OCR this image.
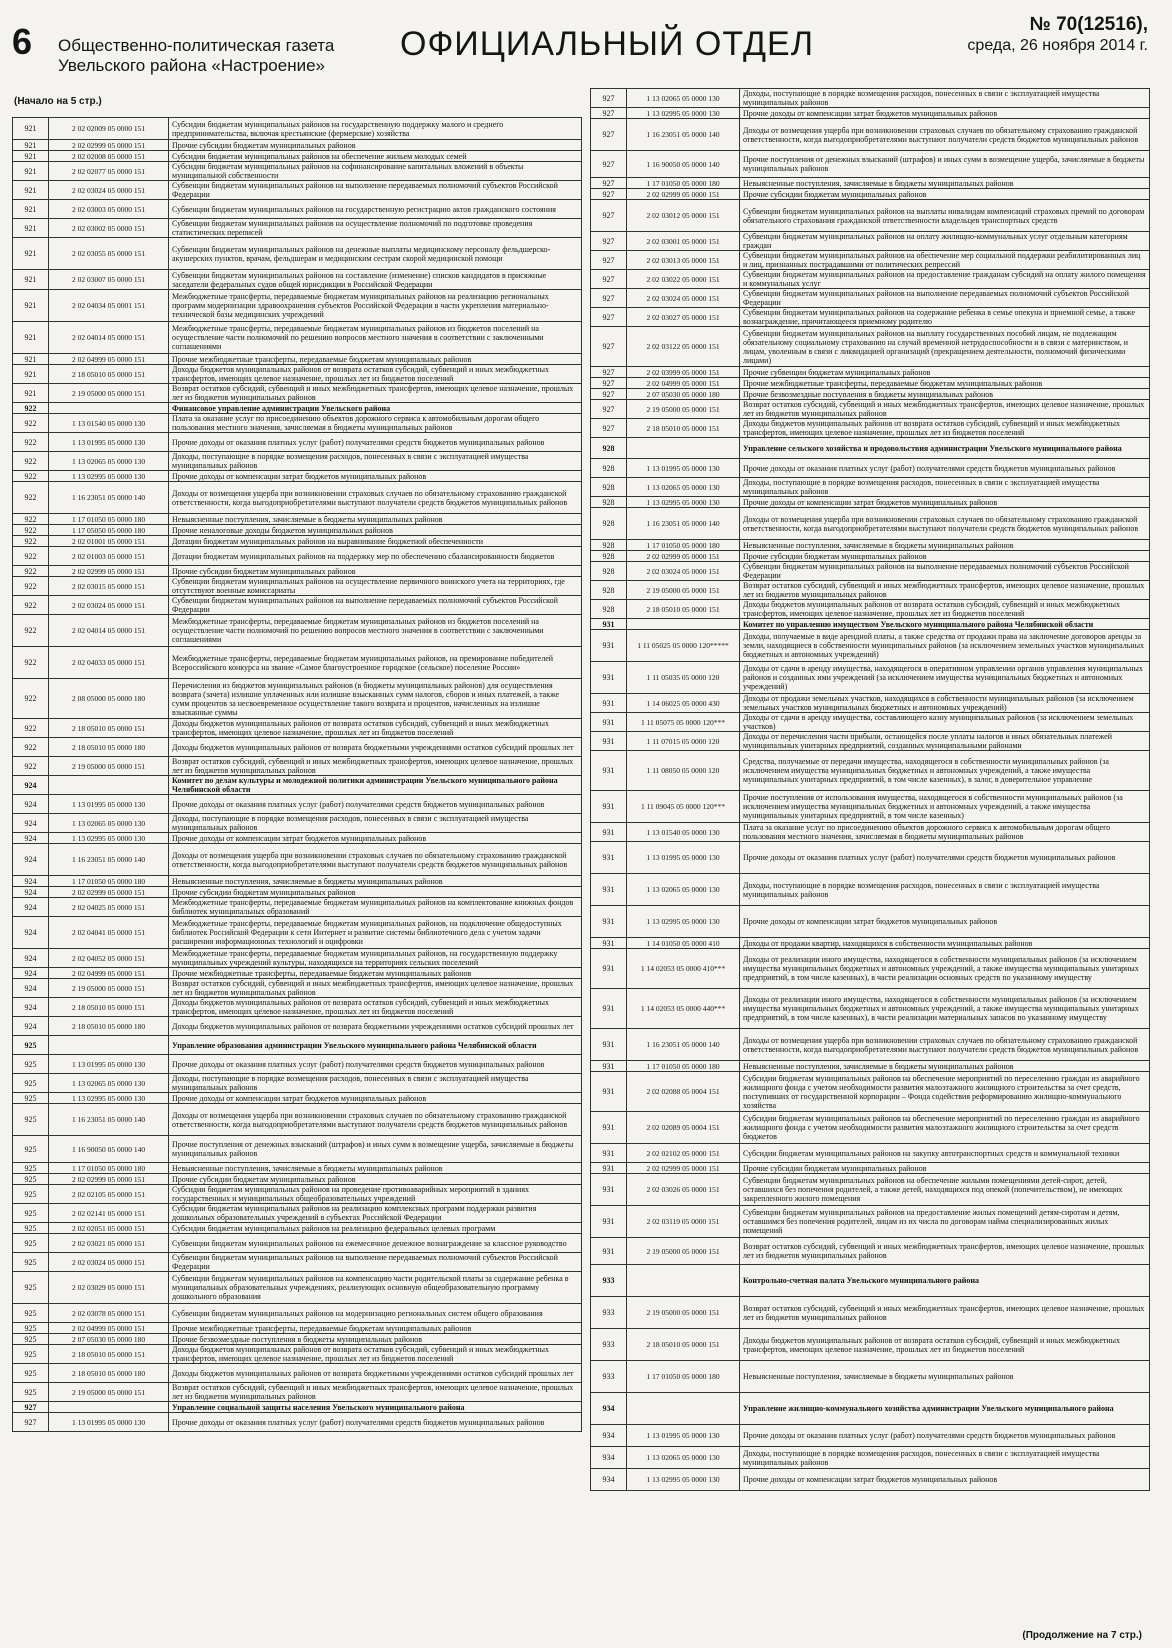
6 Общественно-политическая газета
Увельского района «Настроение»
ОФИЦИАЛЬНЫЙ ОТДЕЛ
№ 70(12516),
среда, 26 ноября 2014 г.
(Начало на 5 стр.)
921	2 02 02009 05 0000 151	Субсидии бюджетам муниципальных районов на государственную поддержку малого и среднего предпринимательства, включая крестьянские (фермерские) хозяйства
921	2 02 02999 05 0000 151	Прочие субсидии бюджетам муниципальных районов
921	2 02 02008 05 0000 151	Субсидии бюджетам муниципальных районов на обеспечение жильем молодых семей
921	2 02 02077 05 0000 151	Субсидии бюджетам муниципальных районов на софинансирование капитальных вложений в объекты муниципальной собственности
921	2 02 03024 05 0000 151	Субвенции бюджетам муниципальных районов на выполнение передаваемых полномочий субъектов Российской Федерации
921	2 02 03003 05 0000 151	Субвенции бюджетам муниципальных районов на государственную регистрацию актов гражданского состояния
921	2 02 03002 05 0000 151	Субвенции бюджетам муниципальных районов на осуществление полномочий по подготовке проведения статистических переписей
921	2 02 03055 05 0000 151	Субвенции бюджетам муниципальных районов на денежные выплаты медицинскому персоналу фельдшерско-акушерских пунктов, врачам, фельдшерам и медицинским сестрам скорой медицинской помощи
921	2 02 03007 05 0000 151	Субвенции бюджетам муниципальных районов на составление (изменение) списков кандидатов в присяжные заседатели федеральных судов общей юрисдикции в Российской Федерации
921	2 02 04034 05 0001 151	Межбюджетные трансферты, передаваемые бюджетам муниципальных районов на реализацию региональных программ модернизации здравоохранения субъектов Российской Федерации в части укрепления материально-технической базы медицинских учреждений
921	2 02 04014 05 0000 151	Межбюджетные трансферты, передаваемые бюджетам муниципальных районов из бюджетов поселений на осуществление части полномочий по решению вопросов местного значения в соответствии с заключенными соглашениями
921	2 02 04999 05 0000 151	Прочие межбюджетные трансферты, передаваемые бюджетам муниципальных районов
921	2 18 05010 05 0000 151	Доходы бюджетов муниципальных районов от возврата остатков субсидий, субвенций и иных межбюджетных трансфертов, имеющих целевое назначение, прошлых лет из бюджетов поселений
921	2 19 05000 05 0000 151	Возврат остатков субсидий, субвенций и иных межбюджетных трансфертов, имеющих целевое назначение, прошлых лет из бюджетов муниципальных районов
922		Финансовое управление администрации Увельского района
922	1 13 01540 05 0000 130	Плата за оказание услуг по присоединению объектов дорожного сервиса к автомобильным дорогам общего пользования местного значения, зачисляемая в бюджеты муниципальных районов
922	1 13 01995 05 0000 130	Прочие доходы от оказания платных услуг (работ) получателями средств бюджетов муниципальных районов
922	1 13 02065 05 0000 130	Доходы, поступающие в порядке возмещения расходов, понесенных в связи с эксплуатацией имущества муниципальных районов
922	1 13 02995 05 0000 130	Прочие доходы от компенсации затрат бюджетов муниципальных районов
922	1 16 23051 05 0000 140	Доходы от возмещения ущерба при возникновении страховых случаев по обязательному страхованию гражданской ответственности, когда выгодоприобретателями выступают получатели средств бюджетов муниципальных районов
922	1 17 01050 05 0000 180	Невыясненные поступления, зачисляемые в бюджеты муниципальных районов
922	1 17 05050 05 0000 180	Прочие неналоговые доходы бюджетов муниципальных районов
922	2 02 01001 05 0000 151	Дотации бюджетам муниципальных районов на выравнивание бюджетной обеспеченности
922	2 02 01003 05 0000 151	Дотации бюджетам муниципальных районов на поддержку мер по обеспечению сбалансированности бюджетов
922	2 02 02999 05 0000 151	Прочие субсидии бюджетам муниципальных районов
922	2 02 03015 05 0000 151	Субвенции бюджетам муниципальных районов на осуществление первичного воинского учета на территориях, где отсутствуют военные комиссариаты
922	2 02 03024 05 0000 151	Субвенции бюджетам муниципальных районов на выполнение передаваемых полномочий субъектов Российской Федерации
922	2 02 04014 05 0000 151	Межбюджетные трансферты, передаваемые бюджетам муниципальных районов из бюджетов поселений на осуществление части полномочий по решению вопросов местного значения в соответствии с заключенными соглашениями
922	2 02 04033 05 0000 151	Межбюджетные трансферты, передаваемые бюджетам муниципальных районов, на премирование победителей Всероссийского конкурса на звание «Самое благоустроенное городское (сельское) поселение России»
922	2 08 05000 05 0000 180	Перечисления из бюджетов муниципальных районов (в бюджеты муниципальных районов) для осуществления возврата (зачета) излишне уплаченных или излишне взысканных сумм налогов, сборов и иных платежей, а также сумм процентов за несвоевременное осуществление такого возврата и процентов, начисленных на излишне взысканные суммы
922	2 18 05010 05 0000 151	Доходы бюджетов муниципальных районов от возврата остатков субсидий, субвенций и иных межбюджетных трансфертов, имеющих целевое назначение, прошлых лет из бюджетов поселений
922	2 18 05010 05 0000 180	Доходы бюджетов муниципальных районов от возврата бюджетными учреждениями остатков субсидий прошлых лет
922	2 19 05000 05 0000 151	Возврат остатков субсидий, субвенций и иных межбюджетных трансфертов, имеющих целевое назначение, прошлых лет из бюджетов муниципальных районов
924		Комитет по делам культуры и молодежной политики администрации Увельского муниципального района Челябинской области
924	1 13 01995 05 0000 130	Прочие доходы от оказания платных услуг (работ) получателями средств бюджетов муниципальных районов
924	1 13 02065 05 0000 130	Доходы, поступающие в порядке возмещения расходов, понесенных в связи с эксплуатацией имущества муниципальных районов
924	1 13 02995 05 0000 130	Прочие доходы от компенсации затрат бюджетов муниципальных районов
924	1 16 23051 05 0000 140	Доходы от возмещения ущерба при возникновении страховых случаев по обязательному страхованию гражданской ответственности, когда выгодоприобретателями выступают получатели средств бюджетов муниципальных районов
924	1 17 01050 05 0000 180	Невыясненные поступления, зачисляемые в бюджеты муниципальных районов
924	2 02 02999 05 0000 151	Прочие субсидии бюджетам муниципальных районов
924	2 02 04025 05 0000 151	Межбюджетные трансферты, передаваемые бюджетам муниципальных районов на комплектование книжных фондов библиотек муниципальных образований
924	2 02 04041 05 0000 151	Межбюджетные трансферты, передаваемые бюджетам муниципальных районов, на подключение общедоступных библиотек Российской Федерации к сети Интернет и развитие системы библиотечного дела с учетом задачи расширения информационных технологий и оцифровки
924	2 02 04052 05 0000 151	Межбюджетные трансферты, передаваемые бюджетам муниципальных районов, на государственную поддержку муниципальных учреждений культуры, находящихся на территориях сельских поселений
924	2 02 04999 05 0000 151	Прочие межбюджетные трансферты, передаваемые бюджетам муниципальных районов
924	2 19 05000 05 0000 151	Возврат остатков субсидий, субвенций и иных межбюджетных трансфертов, имеющих целевое назначение, прошлых лет из бюджетов муниципальных районов
924	2 18 05010 05 0000 151	Доходы бюджетов муниципальных районов от возврата остатков субсидий, субвенций и иных межбюджетных трансфертов, имеющих целевое назначение, прошлых лет из бюджетов поселений
924	2 18 05010 05 0000 180	Доходы бюджетов муниципальных районов от возврата бюджетными учреждениями остатков субсидий прошлых лет
925		Управление образования администрации Увельского муниципального района Челябинской области
925	1 13 01995 05 0000 130	Прочие доходы от оказания платных услуг (работ) получателями средств бюджетов муниципальных районов
925	1 13 02065 05 0000 130	Доходы, поступающие в порядке возмещения расходов, понесенных в связи с эксплуатацией имущества муниципальных районов
925	1 13 02995 05 0000 130	Прочие доходы от компенсации затрат бюджетов муниципальных районов
925	1 16 23051 05 0000 140	Доходы от возмещения ущерба при возникновении страховых случаев по обязательному страхованию гражданской ответственности, когда выгодоприобретателями выступают получатели средств бюджетов муниципальных районов
925	1 16 90050 05 0000 140	Прочие поступления от денежных взысканий (штрафов) и иных сумм в возмещение ущерба, зачисляемые в бюджеты муниципальных районов
925	1 17 01050 05 0000 180	Невыясненные поступления, зачисляемые в бюджеты муниципальных районов
925	2 02 02999 05 0000 151	Прочие субсидии бюджетам муниципальных районов
925	2 02 02105 05 0000 151	Субсидии бюджетам муниципальных районов на проведение противоаварийных мероприятий в зданиях государственных и муниципальных общеобразовательных учреждений
925	2 02 02141 05 0000 151	Субсидии бюджетам муниципальных районов на реализацию комплексных программ поддержки развития дошкольных образовательных учреждений в субъектах Российской Федерации
925	2 02 02051 05 0000 151	Субсидии бюджетам муниципальных районов на реализацию федеральных целевых программ
925	2 02 03021 05 0000 151	Субвенции бюджетам муниципальных районов на ежемесячное денежное вознаграждение за классное руководство
925	2 02 03024 05 0000 151	Субвенции бюджетам муниципальных районов на выполнение передаваемых полномочий субъектов Российской Федерации
925	2 02 03029 05 0000 151	Субвенции бюджетам муниципальных районов на компенсацию части родительской платы за содержание ребенка в муниципальных образовательных учреждениях, реализующих основную общеобразовательную программу дошкольного образования
925	2 02 03078 05 0000 151	Субвенции бюджетам муниципальных районов на модернизацию региональных систем общего образования
925	2 02 04999 05 0000 151	Прочие межбюджетные трансферты, передаваемые бюджетам муниципальных районов
925	2 07 05030 05 0000 180	Прочие безвозмездные поступления в бюджеты муниципальных районов
925	2 18 05010 05 0000 151	Доходы бюджетов муниципальных районов от возврата остатков субсидий, субвенций и иных межбюджетных трансфертов, имеющих целевое назначение, прошлых лет из бюджетов поселений
925	2 18 05010 05 0000 180	Доходы бюджетов муниципальных районов от возврата бюджетными учреждениями остатков субсидий прошлых лет
925	2 19 05000 05 0000 151	Возврат остатков субсидий, субвенций и иных межбюджетных трансфертов, имеющих целевое назначение, прошлых лет из бюджетов муниципальных районов
927		Управление социальной защиты населения Увельского муниципального района
927	1 13 01995 05 0000 130	Прочие доходы от оказания платных услуг (работ) получателями средств бюджетов муниципальных районов
927	1 13 02065 05 0000 130	Доходы, поступающие в порядке возмещения расходов, понесенных в связи с эксплуатацией имущества муниципальных районов
927	1 13 02995 05 0000 130	Прочие доходы от компенсации затрат бюджетов муниципальных районов
927	1 16 23051 05 0000 140	Доходы от возмещения ущерба при возникновении страховых случаев по обязательному страхованию гражданской ответственности, когда выгодоприобретателями выступают получатели средств бюджетов муниципальных районов
927	1 16 90050 05 0000 140	Прочие поступления от денежных взысканий (штрафов) и иных сумм в возмещение ущерба, зачисляемые в бюджеты муниципальных районов
927	1 17 01050 05 0000 180	Невыясненные поступления, зачисляемые в бюджеты муниципальных районов
927	2 02 02999 05 0000 151	Прочие субсидии бюджетам муниципальных районов
927	2 02 03012 05 0000 151	Субвенции бюджетам муниципальных районов на выплаты инвалидам компенсаций страховых премий по договорам обязательного страхования гражданской ответственности владельцев транспортных средств
927	2 02 03001 05 0000 151	Субвенции бюджетам муниципальных районов на оплату жилищно-коммунальных услуг отдельным категориям граждан
927	2 02 03013 05 0000 151	Субвенции бюджетам муниципальных районов на обеспечение мер социальной поддержки реабилитированных лиц и лиц, признанных пострадавшими от политических репрессий
927	2 02 03022 05 0000 151	Субвенции бюджетам муниципальных районов на предоставление гражданам субсидий на оплату жилого помещения и коммунальных услуг
927	2 02 03024 05 0000 151	Субвенции бюджетам муниципальных районов на выполнение передаваемых полномочий субъектов Российской Федерации
927	2 02 03027 05 0000 151	Субвенции бюджетам муниципальных районов на содержание ребенка в семье опекуна и приемной семье, а также вознаграждение, причитающееся приемному родителю
927	2 02 03122 05 0000 151	Субвенции бюджетам муниципальных районов на выплату государственных пособий лицам, не подлежащим обязательному социальному страхованию на случай временной нетрудоспособности и в связи с материнством, и лицам, уволенным в связи с ликвидацией организаций (прекращением деятельности, полномочий физическими лицами)
927	2 02 03999 05 0000 151	Прочие субвенции бюджетам муниципальных районов
927	2 02 04999 05 0000 151	Прочие межбюджетные трансферты, передаваемые бюджетам муниципальных районов
927	2 07 05030 05 0000 180	Прочие безвозмездные поступления в бюджеты муниципальных районов
927	2 19 05000 05 0000 151	Возврат остатков субсидий, субвенций и иных межбюджетных трансфертов, имеющих целевое назначение, прошлых лет из бюджетов муниципальных районов
927	2 18 05010 05 0000 151	Доходы бюджетов муниципальных районов от возврата остатков субсидий, субвенций и иных межбюджетных трансфертов, имеющих целевое назначение, прошлых лет из бюджетов поселений
928		Управление сельского хозяйства и продовольствия администрации Увельского муниципального района
928	1 13 01995 05 0000 130	Прочие доходы от оказания платных услуг (работ) получателями средств бюджетов муниципальных районов
928	1 13 02065 05 0000 130	Доходы, поступающие в порядке возмещения расходов, понесенных в связи с эксплуатацией имущества муниципальных районов
928	1 13 02995 05 0000 130	Прочие доходы от компенсации затрат бюджетов муниципальных районов
928	1 16 23051 05 0000 140	Доходы от возмещения ущерба при возникновении страховых случаев по обязательному страхованию гражданской ответственности, когда выгодоприобретателями выступают получатели средств бюджетов муниципальных районов
928	1 17 01050 05 0000 180	Невыясненные поступления, зачисляемые в бюджеты муниципальных районов
928	2 02 02999 05 0000 151	Прочие субсидии бюджетам муниципальных районов
928	2 02 03024 05 0000 151	Субвенции бюджетам муниципальных районов на выполнение передаваемых полномочий субъектов Российской Федерации
928	2 19 05000 05 0000 151	Возврат остатков субсидий, субвенций и иных межбюджетных трансфертов, имеющих целевое назначение, прошлых лет из бюджетов муниципальных районов
928	2 18 05010 05 0000 151	Доходы бюджетов муниципальных районов от возврата остатков субсидий, субвенций и иных межбюджетных трансфертов, имеющих целевое назначение, прошлых лет из бюджетов поселений
931		Комитет по управлению имуществом Увельского муниципального района Челябинской области
931	1 11 05025 05 0000 120*****	Доходы, получаемые в виде арендной платы, а также средства от продажи права на заключение договоров аренды за земли, находящиеся в собственности муниципальных районов (за исключением земельных участков муниципальных бюджетных и автономных учреждений)
931	1 11 05035 05 0000 120	Доходы от сдачи в аренду имущества, находящегося в оперативном управлении органов управления муниципальных районов и созданных ими учреждений (за исключением имущества муниципальных бюджетных и автономных учреждений)
931	1 14 06025 05 0000 430	Доходы от продажи земельных участков, находящихся в собственности муниципальных районов (за исключением земельных участков муниципальных бюджетных и автономных учреждений)
931	1 11 05075 05 0000 120***	Доходы от сдачи в аренду имущества, составляющего казну муниципальных районов (за исключением земельных участков)
931	1 11 07015 05 0000 120	Доходы от перечисления части прибыли, остающейся после уплаты налогов и иных обязательных платежей муниципальных унитарных предприятий, созданных муниципальными районами
931	1 11 08050 05 0000 120	Средства, получаемые от передачи имущества, находящегося в собственности муниципальных районов (за исключением имущества муниципальных бюджетных и автономных учреждений, а также имущества муниципальных унитарных предприятий, в том числе казенных), в залог, в доверительное управление
931	1 11 09045 05 0000 120***	Прочие поступления от использования имущества, находящегося в собственности муниципальных районов (за исключением имущества муниципальных бюджетных и автономных учреждений, а также имущества муниципальных унитарных предприятий, в том числе казенных)
931	1 13 01540 05 0000 130	Плата за оказание услуг по присоединению объектов дорожного сервиса к автомобильным дорогам общего пользования местного значения, зачисляемая в бюджеты муниципальных районов
931	1 13 01995 05 0000 130	Прочие доходы от оказания платных услуг (работ) получателями средств бюджетов муниципальных районов
931	1 13 02065 05 0000 130	Доходы, поступающие в порядке возмещения расходов, понесенных в связи с эксплуатацией имущества муниципальных районов
931	1 13 02995 05 0000 130	Прочие доходы от компенсации затрат бюджетов муниципальных районов
931	1 14 01050 05 0000 410	Доходы от продажи квартир, находящихся в собственности муниципальных районов
931	1 14 02053 05 0000 410***	Доходы от реализации иного имущества, находящегося в собственности муниципальных районов (за исключением имущества муниципальных бюджетных и автономных учреждений, а также имущества муниципальных унитарных предприятий, в том числе казенных), в части реализации основных средств по указанному имуществу
931	1 14 02053 05 0000 440***	Доходы от реализации иного имущества, находящегося в собственности муниципальных районов (за исключением имущества муниципальных бюджетных и автономных учреждений, а также имущества муниципальных унитарных предприятий, в том числе казенных), в части реализации материальных запасов по указанному имуществу
931	1 16 23051 05 0000 140	Доходы от возмещения ущерба при возникновении страховых случаев по обязательному страхованию гражданской ответственности, когда выгодоприобретателями выступают получатели средств бюджетов муниципальных районов
931	1 17 01050 05 0000 180	Невыясненные поступления, зачисляемые в бюджеты муниципальных районов
931	2 02 02088 05 0004 151	Субсидии бюджетам муниципальных районов на обеспечение мероприятий по переселению граждан из аварийного жилищного фонда с учетом необходимости развития малоэтажного жилищного строительства за счет средств, поступивших от государственной корпорации – Фонда содействия реформированию жилищно-коммунального хозяйства
931	2 02 02089 05 0004 151	Субсидии бюджетам муниципальных районов на обеспечение мероприятий по переселению граждан из аварийного жилищного фонда с учетом необходимости развития малоэтажного жилищного строительства за счет средств бюджетов
931	2 02 02102 05 0000 151	Субсидии бюджетам муниципальных районов на закупку автотранспортных средств и коммунальной техники
931	2 02 02999 05 0000 151	Прочие субсидии бюджетам муниципальных районов
931	2 02 03026 05 0000 151	Субвенции бюджетам муниципальных районов на обеспечение жилыми помещениями детей-сирот, детей, оставшихся без попечения родителей, а также детей, находящихся под опекой (попечительством), не имеющих закрепленного жилого помещения
931	2 02 03119 05 0000 151	Субвенции бюджетам муниципальных районов на предоставление жилых помещений детям-сиротам и детям, оставшимся без попечения родителей, лицам из их числа по договорам найма специализированных жилых помещений
931	2 19 05000 05 0000 151	Возврат остатков субсидий, субвенций и иных межбюджетных трансфертов, имеющих целевое назначение, прошлых лет из бюджетов муниципальных районов
933		Контрольно-счетная палата Увельского муниципального района
933	2 19 05000 05 0000 151	Возврат остатков субсидий, субвенций и иных межбюджетных трансфертов, имеющих целевое назначение, прошлых лет из бюджетов муниципальных районов
933	2 18 05010 05 0000 151	Доходы бюджетов муниципальных районов от возврата остатков субсидий, субвенций и иных межбюджетных трансфертов, имеющих целевое назначение, прошлых лет из бюджетов поселений
933	1 17 01050 05 0000 180	Невыясненные поступления, зачисляемые в бюджеты муниципальных районов
934		Управление жилищно-коммунального хозяйства администрации Увельского муниципального района
934	1 13 01995 05 0000 130	Прочие доходы от оказания платных услуг (работ) получателями средств бюджетов муниципальных районов
934	1 13 02065 05 0000 130	Доходы, поступающие в порядке возмещения расходов, понесенных в связи с эксплуатацией имущества муниципальных районов
934	1 13 02995 05 0000 130	Прочие доходы от компенсации затрат бюджетов муниципальных районов
(Продолжение на 7 стр.)
